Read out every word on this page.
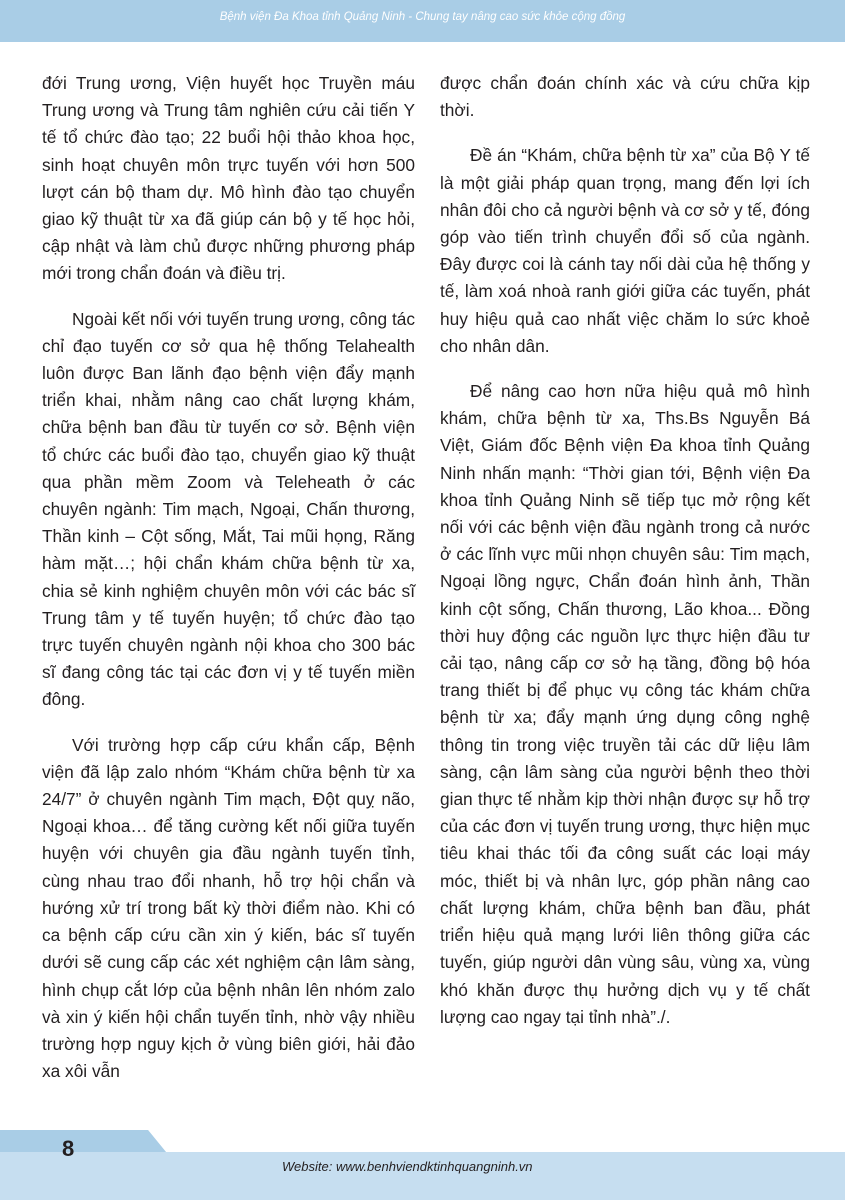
Bệnh viện Đa Khoa tỉnh Quảng Ninh - Chung tay nâng cao sức khỏe cộng đồng

đới Trung ương, Viện huyết học Truyền máu Trung ương và Trung tâm nghiên cứu cải tiến Y tế tổ chức đào tạo; 22 buổi hội thảo khoa học, sinh hoạt chuyên môn trực tuyến với hơn 500 lượt cán bộ tham dự. Mô hình đào tạo chuyển giao kỹ thuật từ xa đã giúp cán bộ y tế học hỏi, cập nhật và làm chủ được những phương pháp mới trong chẩn đoán và điều trị.

Ngoài kết nối với tuyến trung ương, công tác chỉ đạo tuyến cơ sở qua hệ thống Telahealth luôn được Ban lãnh đạo bệnh viện đẩy mạnh triển khai, nhằm nâng cao chất lượng khám, chữa bệnh ban đầu từ tuyến cơ sở. Bệnh viện tổ chức các buổi đào tạo, chuyển giao kỹ thuật qua phần mềm Zoom và Teleheath ở các chuyên ngành: Tim mạch, Ngoại, Chấn thương, Thần kinh – Cột sống, Mắt, Tai mũi họng, Răng hàm mặt…; hội chẩn khám chữa bệnh từ xa, chia sẻ kinh nghiệm chuyên môn với các bác sĩ Trung tâm y tế tuyến huyện; tổ chức đào tạo trực tuyến chuyên ngành nội khoa cho 300 bác sĩ đang công tác tại các đơn vị y tế tuyến miền đông.

Với trường hợp cấp cứu khẩn cấp, Bệnh viện đã lập zalo nhóm “Khám chữa bệnh từ xa 24/7” ở chuyên ngành Tim mạch, Đột quỵ não, Ngoại khoa… để tăng cường kết nối giữa tuyến huyện với chuyên gia đầu ngành tuyến tỉnh, cùng nhau trao đổi nhanh, hỗ trợ hội chẩn và hướng xử trí trong bất kỳ thời điểm nào. Khi có ca bệnh cấp cứu cần xin ý kiến, bác sĩ tuyến dưới sẽ cung cấp các xét nghiệm cận lâm sàng, hình chụp cắt lớp của bệnh nhân lên nhóm zalo và xin ý kiến hội chẩn tuyến tỉnh, nhờ vậy nhiều trường hợp nguy kịch ở vùng biên giới, hải đảo xa xôi vẫn

được chẩn đoán chính xác và cứu chữa kịp thời.

Đề án “Khám, chữa bệnh từ xa” của Bộ Y tế là một giải pháp quan trọng, mang đến lợi ích nhân đôi cho cả người bệnh và cơ sở y tế, đóng góp vào tiến trình chuyển đổi số của ngành. Đây được coi là cánh tay nối dài của hệ thống y tế, làm xoá nhoà ranh giới giữa các tuyến, phát huy hiệu quả cao nhất việc chăm lo sức khoẻ cho nhân dân.

Để nâng cao hơn nữa hiệu quả mô hình khám, chữa bệnh từ xa, Ths.Bs Nguyễn Bá Việt, Giám đốc Bệnh viện Đa khoa tỉnh Quảng Ninh nhấn mạnh: “Thời gian tới, Bệnh viện Đa khoa tỉnh Quảng Ninh sẽ tiếp tục mở rộng kết nối với các bệnh viện đầu ngành trong cả nước ở các lĩnh vực mũi nhọn chuyên sâu: Tim mạch, Ngoại lồng ngực, Chẩn đoán hình ảnh, Thần kinh cột sống, Chấn thương, Lão khoa... Đồng thời huy động các nguồn lực thực hiện đầu tư cải tạo, nâng cấp cơ sở hạ tầng, đồng bộ hóa trang thiết bị để phục vụ công tác khám chữa bệnh từ xa; đẩy mạnh ứng dụng công nghệ thông tin trong việc truyền tải các dữ liệu lâm sàng, cận lâm sàng của người bệnh theo thời gian thực tế nhằm kịp thời nhận được sự hỗ trợ của các đơn vị tuyến trung ương, thực hiện mục tiêu khai thác tối đa công suất các loại máy móc, thiết bị và nhân lực, góp phần nâng cao chất lượng khám, chữa bệnh ban đầu, phát triển hiệu quả mạng lưới liên thông giữa các tuyến, giúp người dân vùng sâu, vùng xa, vùng khó khăn được thụ hưởng dịch vụ y tế chất lượng cao ngay tại tỉnh nhà”./.

8
Website: www.benhviendktinhquangninh.vn
